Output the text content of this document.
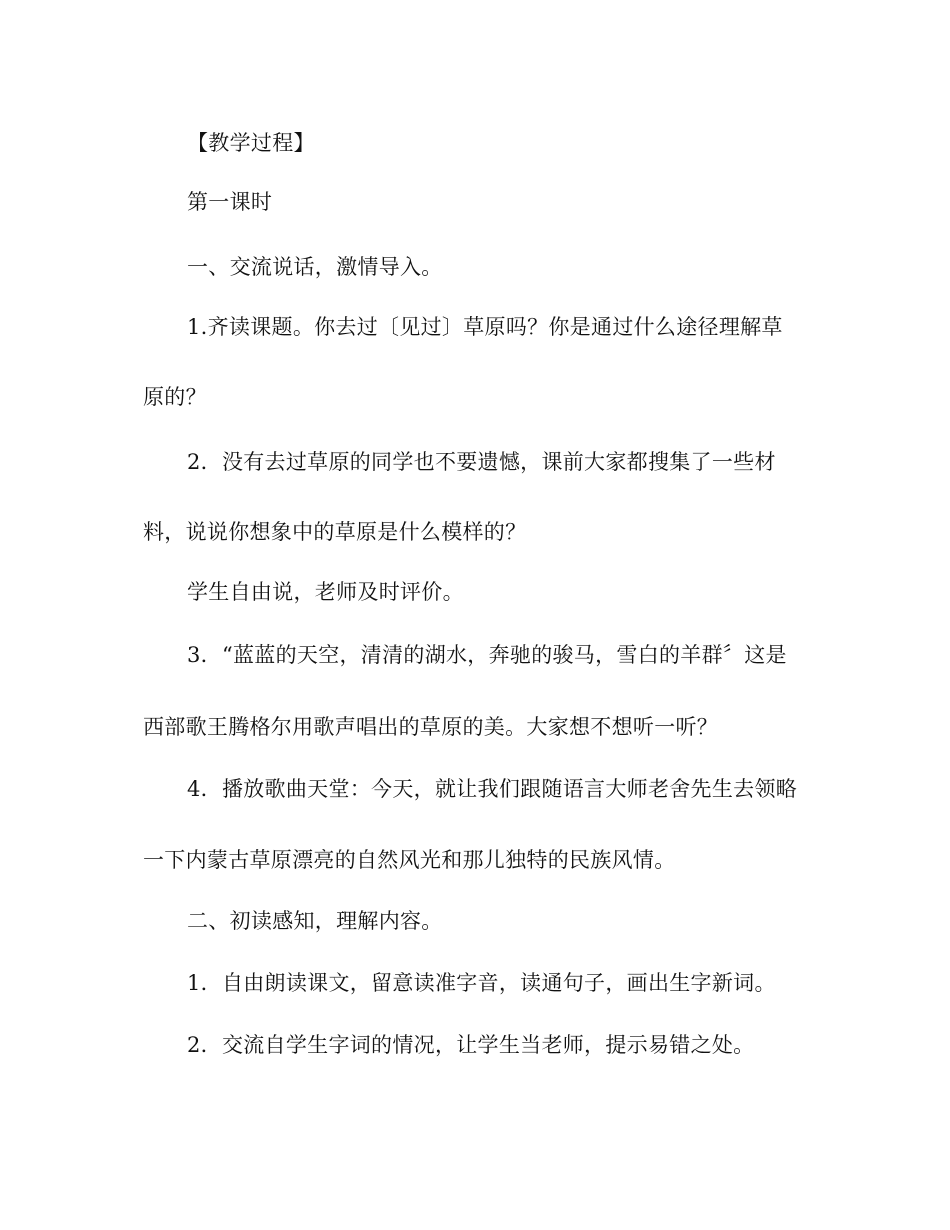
【教学过程】
第一课时
一、交流说话，激情导入。
1.齐读课题。你去过〔见过〕草原吗？你是通过什么途径理解草
原的？
2．没有去过草原的同学也不要遗憾，课前大家都搜集了一些材
料，说说你想象中的草原是什么模样的？
学生自由说，老师及时评价。
3．“蓝蓝的天空，清清的湖水，奔驰的骏马，雪白的羊群〞这是
西部歌王腾格尔用歌声唱出的草原的美。大家想不想听一听？
4．播放歌曲天堂：今天，就让我们跟随语言大师老舍先生去领略
一下内蒙古草原漂亮的自然风光和那儿独特的民族风情。
二、初读感知，理解内容。
1．自由朗读课文，留意读准字音，读通句子，画出生字新词。
2．交流自学生字词的情况，让学生当老师，提示易错之处。
